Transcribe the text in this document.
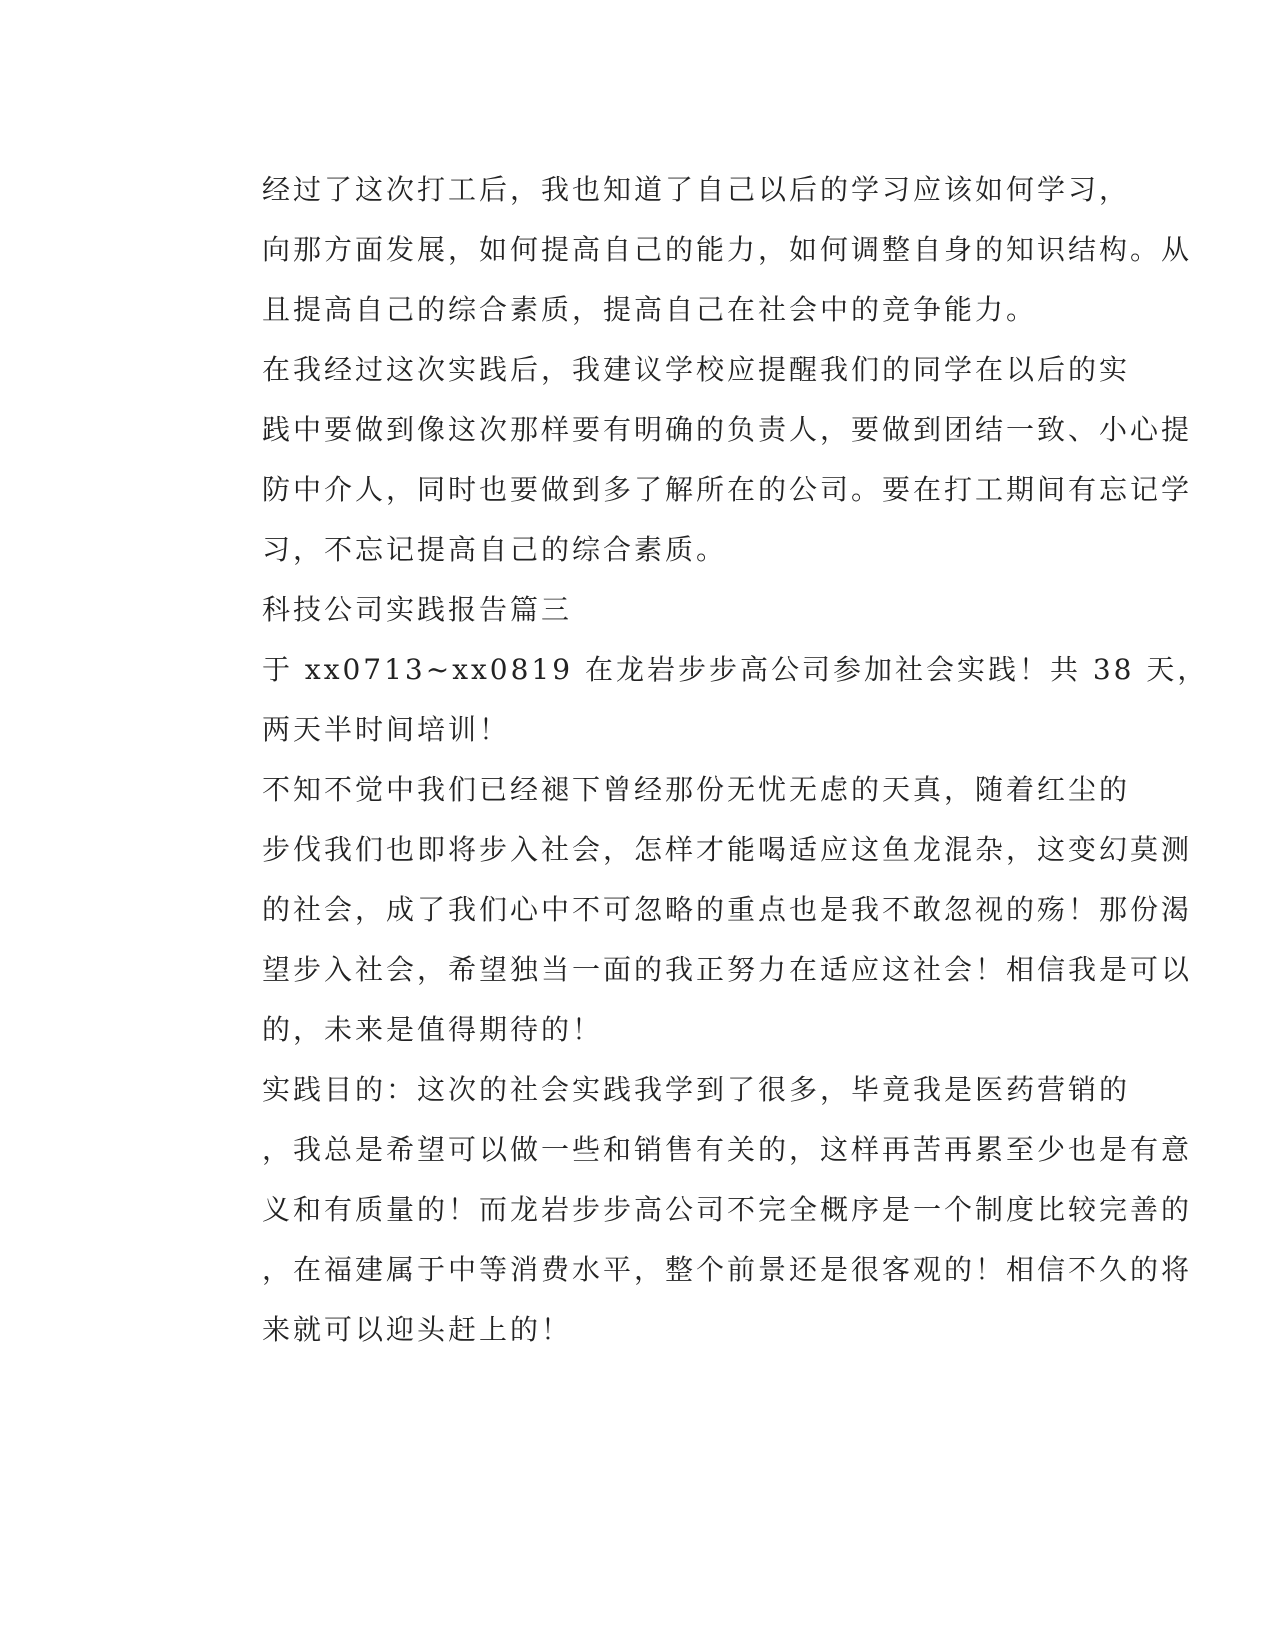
经过了这次打工后，我也知道了自己以后的学习应该如何学习，
向那方面发展，如何提高自己的能力，如何调整自身的知识结构。从
且提高自己的综合素质，提高自己在社会中的竞争能力。

在我经过这次实践后，我建议学校应提醒我们的同学在以后的实
践中要做到像这次那样要有明确的负责人，要做到团结一致、小心提
防中介人，同时也要做到多了解所在的公司。要在打工期间有忘记学
习，不忘记提高自己的综合素质。

科技公司实践报告篇三

于 xx0713~xx0819 在龙岩步步高公司参加社会实践！共 38 天，
两天半时间培训！

不知不觉中我们已经褪下曾经那份无忧无虑的天真，随着红尘的
步伐我们也即将步入社会，怎样才能喝适应这鱼龙混杂，这变幻莫测
的社会，成了我们心中不可忽略的重点也是我不敢忽视的殇！那份渴
望步入社会，希望独当一面的我正努力在适应这社会！相信我是可以
的，未来是值得期待的！

实践目的：这次的社会实践我学到了很多，毕竟我是医药营销的
，我总是希望可以做一些和销售有关的，这样再苦再累至少也是有意
义和有质量的！而龙岩步步高公司不完全概序是一个制度比较完善的
，在福建属于中等消费水平，整个前景还是很客观的！相信不久的将
来就可以迎头赶上的！
